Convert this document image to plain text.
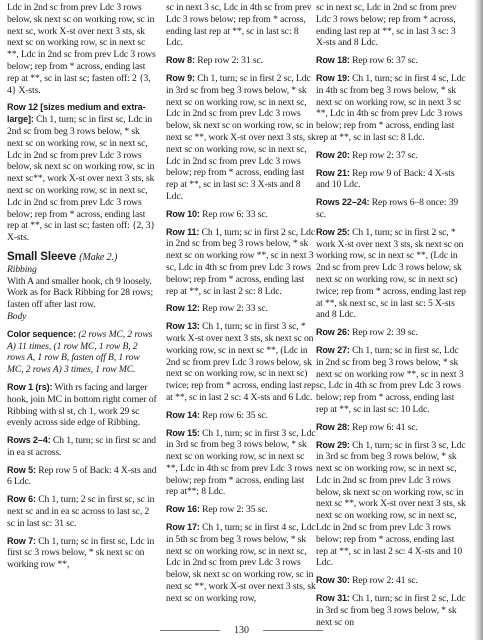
Ldc in 2nd sc from prev Ldc 3 rows below, sk next sc on working row, sc in next sc, work X-st over next 3 sts, sk next sc on working row, sc in next sc **, Ldc in 2nd sc from prev Ldc 3 rows below; rep from * across, ending last rep at **, sc in last sc; fasten off: 2 {3, 4} X-sts.

Row 12 [sizes medium and extra-large]: Ch 1, turn; sc in first sc, Ldc in 2nd sc from beg 3 rows below, * sk next sc on working row, sc in next sc, Ldc in 2nd sc from prev Ldc 3 rows below, sk next sc on working row, sc in next sc**, work X-st over next 3 sts, sk next sc on working row, sc in next sc, Ldc in 2nd sc from prev Ldc 3 rows below; rep from * across, ending last rep at **, sc in last sc; fasten off: {2, 3} X-sts.

Small Sleeve (Make 2.)

Ribbing

With A and smaller hook, ch 9 loosely.

Work as for Back Ribbing for 28 rows; fasten off after last row.

Body

Color sequence: (2 rows MC, 2 rows A) 11 times, (1 row MC, 1 row B, 2 rows A, 1 row B, fasten off B, 1 row MC, 2 rows A) 3 times, 1 row MC.

Row 1 (rs): With rs facing and larger hook, join MC in bottom right corner of Ribbing with sl st, ch 1, work 29 sc evenly across side edge of Ribbing.

Rows 2–4: Ch 1, turn; sc in first sc and in ea st across.

Row 5: Rep row 5 of Back: 4 X-sts and 6 Ldc.

Row 6: Ch 1, turn; 2 sc in first sc, sc in next sc and in ea sc across to last sc, 2 sc in last sc: 31 sc.

Row 7: Ch 1, turn; sc in first sc, Ldc in first sc 3 rows below, * sk next sc on working row **,

sc in next 3 sc, Ldc in 4th sc from prev Ldc 3 rows below; rep from * across, ending last rep at **, sc in last sc: 8 Ldc.

Row 8: Rep row 2: 31 sc.

Row 9: Ch 1, turn; sc in first 2 sc, Ldc in 3rd sc from beg 3 rows below, * sk next sc on working row, sc in next sc, Ldc in 2nd sc from prev Ldc 3 rows below, sk next sc on working row, sc in next sc **, work X-st over next 3 sts, sk next sc on working row, sc in next sc, Ldc in 2nd sc from prev Ldc 3 rows below; rep from * across, ending last rep at **, sc in last sc: 3 X-sts and 8 Ldc.

Row 10: Rep row 6: 33 sc.

Row 11: Ch 1, turn; sc in first 2 sc, Ldc in 2nd sc from beg 3 rows below, * sk next sc on working row **, sc in next 3 sc, Ldc in 4th sc from prev Ldc 3 rows below; rep from * across, ending last rep at **, sc in last 2 sc: 8 Ldc.

Row 12: Rep row 2: 33 sc.

Row 13: Ch 1, turn; sc in first 3 sc, * work X-st over next 3 sts, sk next sc on working row, sc in next sc **, (Ldc in 2nd sc from prev Ldc 3 rows below, sk next sc on working row, sc in next sc) twice; rep from * across, ending last rep at **, sc in last 2 sc: 4 X-sts and 6 Ldc.

Row 14: Rep row 6: 35 sc.

Row 15: Ch 1, turn; sc in first 3 sc, Ldc in 3rd sc from beg 3 rows below, * sk next sc on working row, sc in next sc **, Ldc in 4th sc from prev Ldc 3 rows below; rep from * across, ending last rep at**; 8 Ldc.

Row 16: Rep row 2: 35 sc.

Row 17: Ch 1, turn; sc in first 4 sc, Ldc in 5th sc from beg 3 rows below, * sk next sc on working row, sc in next sc, Ldc in 2nd sc from prev Ldc 3 rows below, sk next sc on working row, sc in next sc **, work X-st over next 3 sts, sk next sc on working row,

sc in next sc, Ldc in 2nd sc from prev Ldc 3 rows below; rep from * across, ending last rep at **, sc in last 3 sc: 3 X-sts and 8 Ldc.

Row 18: Rep row 6: 37 sc.

Row 19: Ch 1, turn; sc in first 4 sc, Ldc in 4th sc from beg 3 rows below, * sk next sc on working row, sc in next 3 sc **, Ldc in 4th sc from prev Ldc 3 rows below; rep from * across, ending last rep at **, sc in last sc: 8 Ldc.

Row 20: Rep row 2: 37 sc.

Row 21: Rep row 9 of Back: 4 X-sts and 10 Ldc.

Rows 22–24: Rep rows 6–8 once: 39 sc.

Row 25: Ch 1, turn; sc in first 2 sc, * work X-st over next 3 sts, sk next sc on working row, sc in next sc **, (Ldc in 2nd sc from prev Ldc 3 rows below, sk next sc on working row, sc in next sc) twice; rep from * across, ending last rep at **, sk next sc, sc in last sc: 5 X-sts and 8 Ldc.

Row 26: Rep row 2: 39 sc.

Row 27: Ch 1, turn; sc in first sc, Ldc in 2nd sc from beg 3 rows below, * sk next sc on working row **, sc in next 3 sc, Ldc in 4th sc from prev Ldc 3 rows below; rep from * across, ending last rep at **, sc in last sc: 10 Ldc.

Row 28: Rep row 6: 41 sc.

Row 29: Ch 1, turn; sc in first 3 sc, Ldc in 3rd sc from beg 3 rows below, * sk next sc on working row, sc in next sc, Ldc in 2nd sc from prev Ldc 3 rows below, sk next sc on working row, sc in next sc **, work X-st over next 3 sts, sk next sc on working row, sc in next sc, Ldc in 2nd sc from prev Ldc 3 rows below; rep from * across, ending last rep at **, sc in last 2 sc: 4 X-sts and 10 Ldc.

Row 30: Rep row 2: 41 sc.

Row 31: Ch 1, turn; sc in first 2 sc, Ldc in 3rd sc from beg 3 rows below, * sk next sc on

130
